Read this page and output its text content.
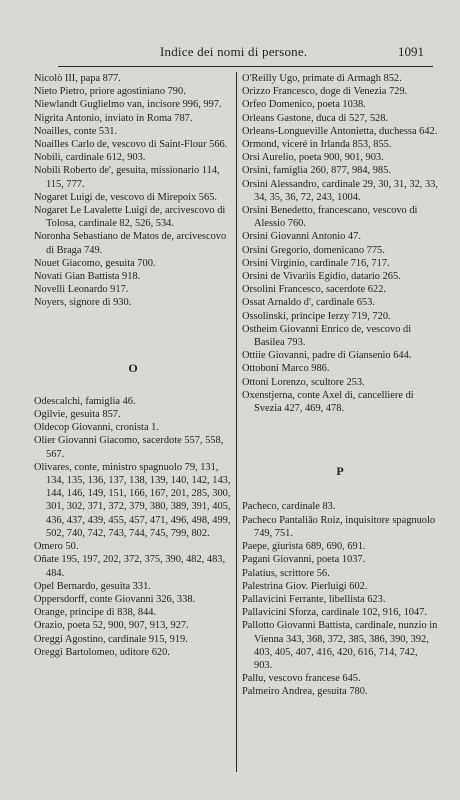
Indice dei nomi di persone.	1091
Nicolò III, papa 877.
Nieto Pietro, priore agostiniano 790.
Niewlandt Guglielmo van, incisore 996, 997.
Nigrita Antonio, inviato in Roma 787.
Noailles, conte 531.
Noailles Carlo de, vescovo di Saint-Flour 566.
Nobili, cardinale 612, 903.
Nobili Roberto de', gesuita, missionario 114, 115, 777.
Nogaret Luigi de, vescovo di Mirepoix 565.
Nogaret Le Lavalette Luigi de, arcivescovo di Tolosa, cardinale 82, 526, 534.
Noronha Sebastiano de Matos de, arcivescovo di Braga 749.
Nouet Giacomo, gesuita 700.
Novati Gian Battista 918.
Novelli Leonardo 917.
Noyers, signore di 930.
O
Odescalchi, famiglia 46.
Ogilvie, gesuita 857.
Oldecop Giovanni, cronista 1.
Olier Giovanni Giacomo, sacerdote 557, 558, 567.
Olivares, conte, ministro spagnuolo 79, 131, 134, 135, 136, 137, 138, 139, 140, 142, 143, 144, 146, 149, 151, 166, 167, 201, 285, 300, 301, 302, 371, 372, 379, 380, 389, 391, 405, 436, 437, 439, 455, 457, 471, 496, 498, 499, 502, 740, 742, 743, 744, 745, 799, 802.
Omero 50.
Oñate 195, 197, 202, 372, 375, 390, 482, 483, 484.
Opel Bernardo, gesuita 331.
Oppersdorff, conte Giovanni 326, 338.
Orange, principe di 838, 844.
Orazio, poeta 52, 900, 907, 913, 927.
Oreggi Agostino, cardinale 915, 919.
Oreggi Bartolomeo, uditore 620.
O'Reilly Ugo, primate di Armagh 852.
Orizzo Francesco, doge di Venezia 729.
Orfeo Domenico, poeta 1038.
Orleans Gastone, duca di 527, 528.
Orleans-Longueville Antonietta, duchessa 642.
Ormond, viceré in Irlanda 853, 855.
Orsi Aurelio, poeta 900, 901, 903.
Orsini, famiglia 260, 877, 984, 985.
Orsini Alessandro, cardinale 29, 30, 31, 32, 33, 34, 35, 36, 72, 243, 1004.
Orsini Benedetto, francescano, vescovo di Alessio 760.
Orsini Giovanni Antonio 47.
Orsini Gregorio, domenicano 775.
Orsini Virginio, cardinale 716, 717.
Orsini de Vivariis Egidio, datario 265.
Orsolini Francesco, sacerdote 622.
Ossat Arnaldo d', cardinale 653.
Ossolinski, principe Ierzy 719, 720.
Ostheim Giovanni Enrico de, vescovo di Basilea 793.
Ottiie Giovanni, padre di Giansenio 644.
Ottoboni Marco 986.
Ottoni Lorenzo, scultore 253.
Oxenstjerna, conte Axel di, cancelliere di Svezia 427, 469, 478.
P
Pacheco, cardinale 83.
Pacheco Pantaliāo Roiz, inquisitore spagnuolo 749, 751.
Paepe, giurista 689, 690, 691.
Pagani Giovanni, poeta 1037.
Palatius, scrittore 56.
Palestrina Giov. Pierluigi 602.
Pallavicini Ferrante, libellista 623.
Pallavicini Sforza, cardinale 102, 916, 1047.
Pallotto Giovanni Battista, cardinale, nunzio in Vienna 343, 368, 372, 385, 386, 390, 392, 403, 405, 407, 416, 420, 616, 714, 742, 903.
Pallu, vescovo francese 645.
Palmeiro Andrea, gesuita 780.
